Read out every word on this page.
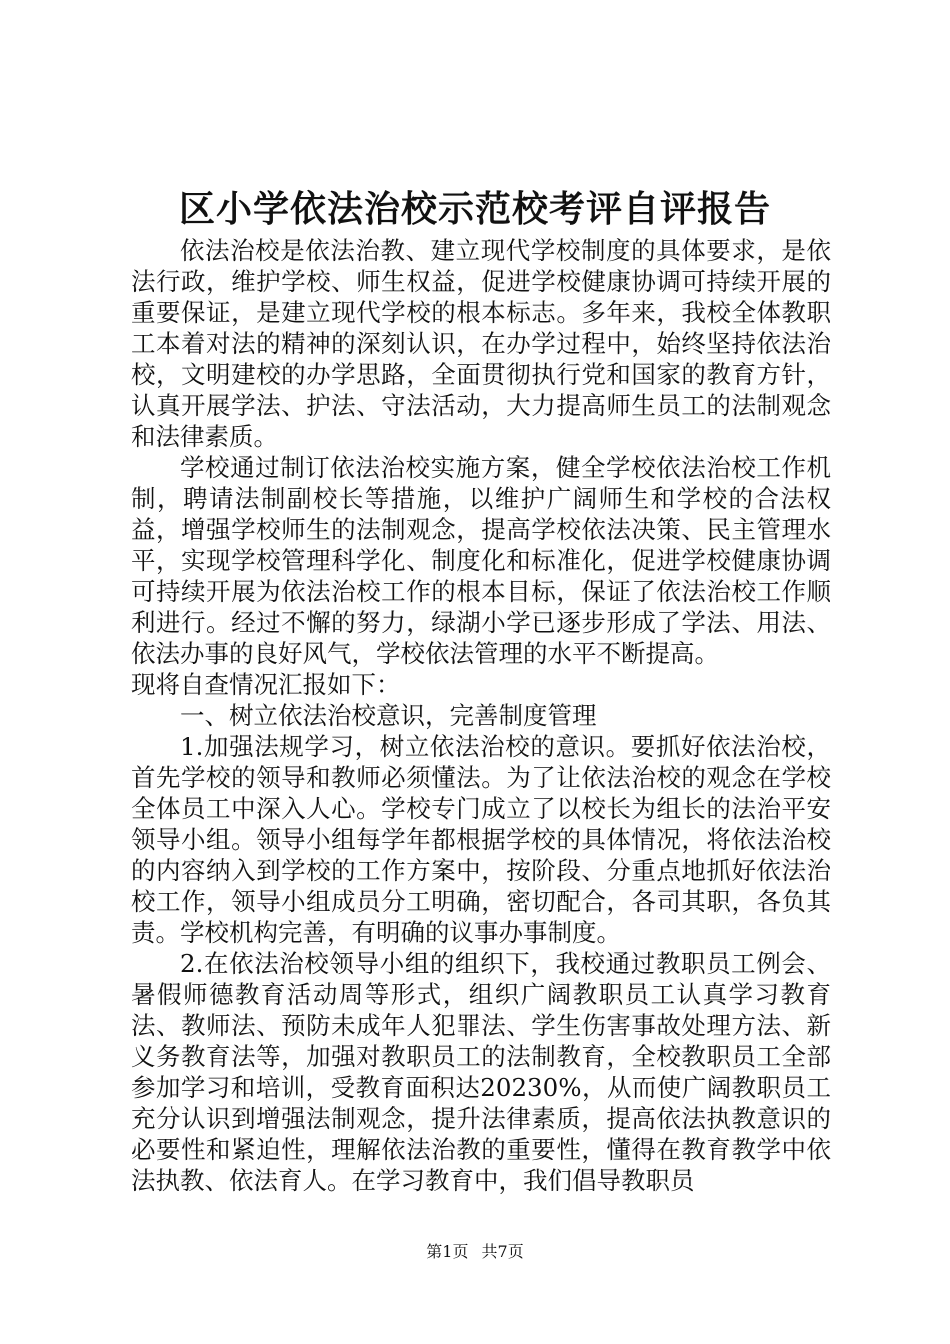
区小学依法治校示范校考评自评报告

依法治校是依法治教、建立现代学校制度的具体要求，是依法行政，维护学校、师生权益，促进学校健康协调可持续开展的重要保证，是建立现代学校的根本标志。多年来，我校全体教职工本着对法的精神的深刻认识，在办学过程中，始终坚持依法治校，文明建校的办学思路，全面贯彻执行党和国家的教育方针，认真开展学法、护法、守法活动，大力提高师生员工的法制观念和法律素质。

学校通过制订依法治校实施方案，健全学校依法治校工作机制，聘请法制副校长等措施，以维护广阔师生和学校的合法权益，增强学校师生的法制观念，提高学校依法决策、民主管理水平，实现学校管理科学化、制度化和标准化，促进学校健康协调可持续开展为依法治校工作的根本目标，保证了依法治校工作顺利进行。经过不懈的努力，绿湖小学已逐步形成了学法、用法、依法办事的良好风气，学校依法管理的水平不断提高。

现将自查情况汇报如下：

一、树立依法治校意识，完善制度管理

1.加强法规学习，树立依法治校的意识。要抓好依法治校，首先学校的领导和教师必须懂法。为了让依法治校的观念在学校全体员工中深入人心。学校专门成立了以校长为组长的法治平安领导小组。领导小组每学年都根据学校的具体情况，将依法治校的内容纳入到学校的工作方案中，按阶段、分重点地抓好依法治校工作，领导小组成员分工明确，密切配合，各司其职，各负其责。学校机构完善，有明确的议事办事制度。

2.在依法治校领导小组的组织下，我校通过教职员工例会、暑假师德教育活动周等形式，组织广阔教职员工认真学习教育法、教师法、预防未成年人犯罪法、学生伤害事故处理方法、新义务教育法等，加强对教职员工的法制教育，全校教职员工全部参加学习和培训，受教育面积达20230%，从而使广阔教职员工充分认识到增强法制观念，提升法律素质，提高依法执教意识的必要性和紧迫性，理解依法治教的重要性，懂得在教育教学中依法执教、依法育人。在学习教育中，我们倡导教职员

第1页 共7页
